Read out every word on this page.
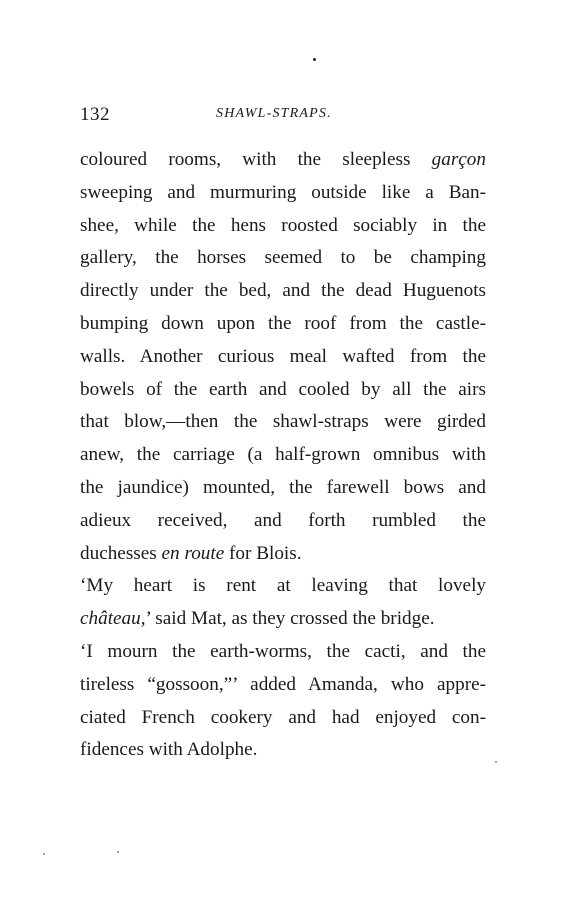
132	SHAWL-STRAPS.
coloured rooms, with the sleepless garçon
sweeping and murmuring outside like a Ban-
shee, while the hens roosted sociably in the
gallery, the horses seemed to be champing
directly under the bed, and the dead Huguenots
bumping down upon the roof from the castle-
walls. Another curious meal wafted from the
bowels of the earth and cooled by all the airs
that blow,—then the shawl-straps were girded
anew, the carriage (a half-grown omnibus with
the jaundice) mounted, the farewell bows and
adieux received, and forth rumbled the
duchesses en route for Blois.
‘My heart is rent at leaving that lovely
château,’ said Mat, as they crossed the bridge.
‘I mourn the earth-worms, the cacti, and the
tireless “gossoon,”’ added Amanda, who appre-
ciated French cookery and had enjoyed con-
fidences with Adolphe.
